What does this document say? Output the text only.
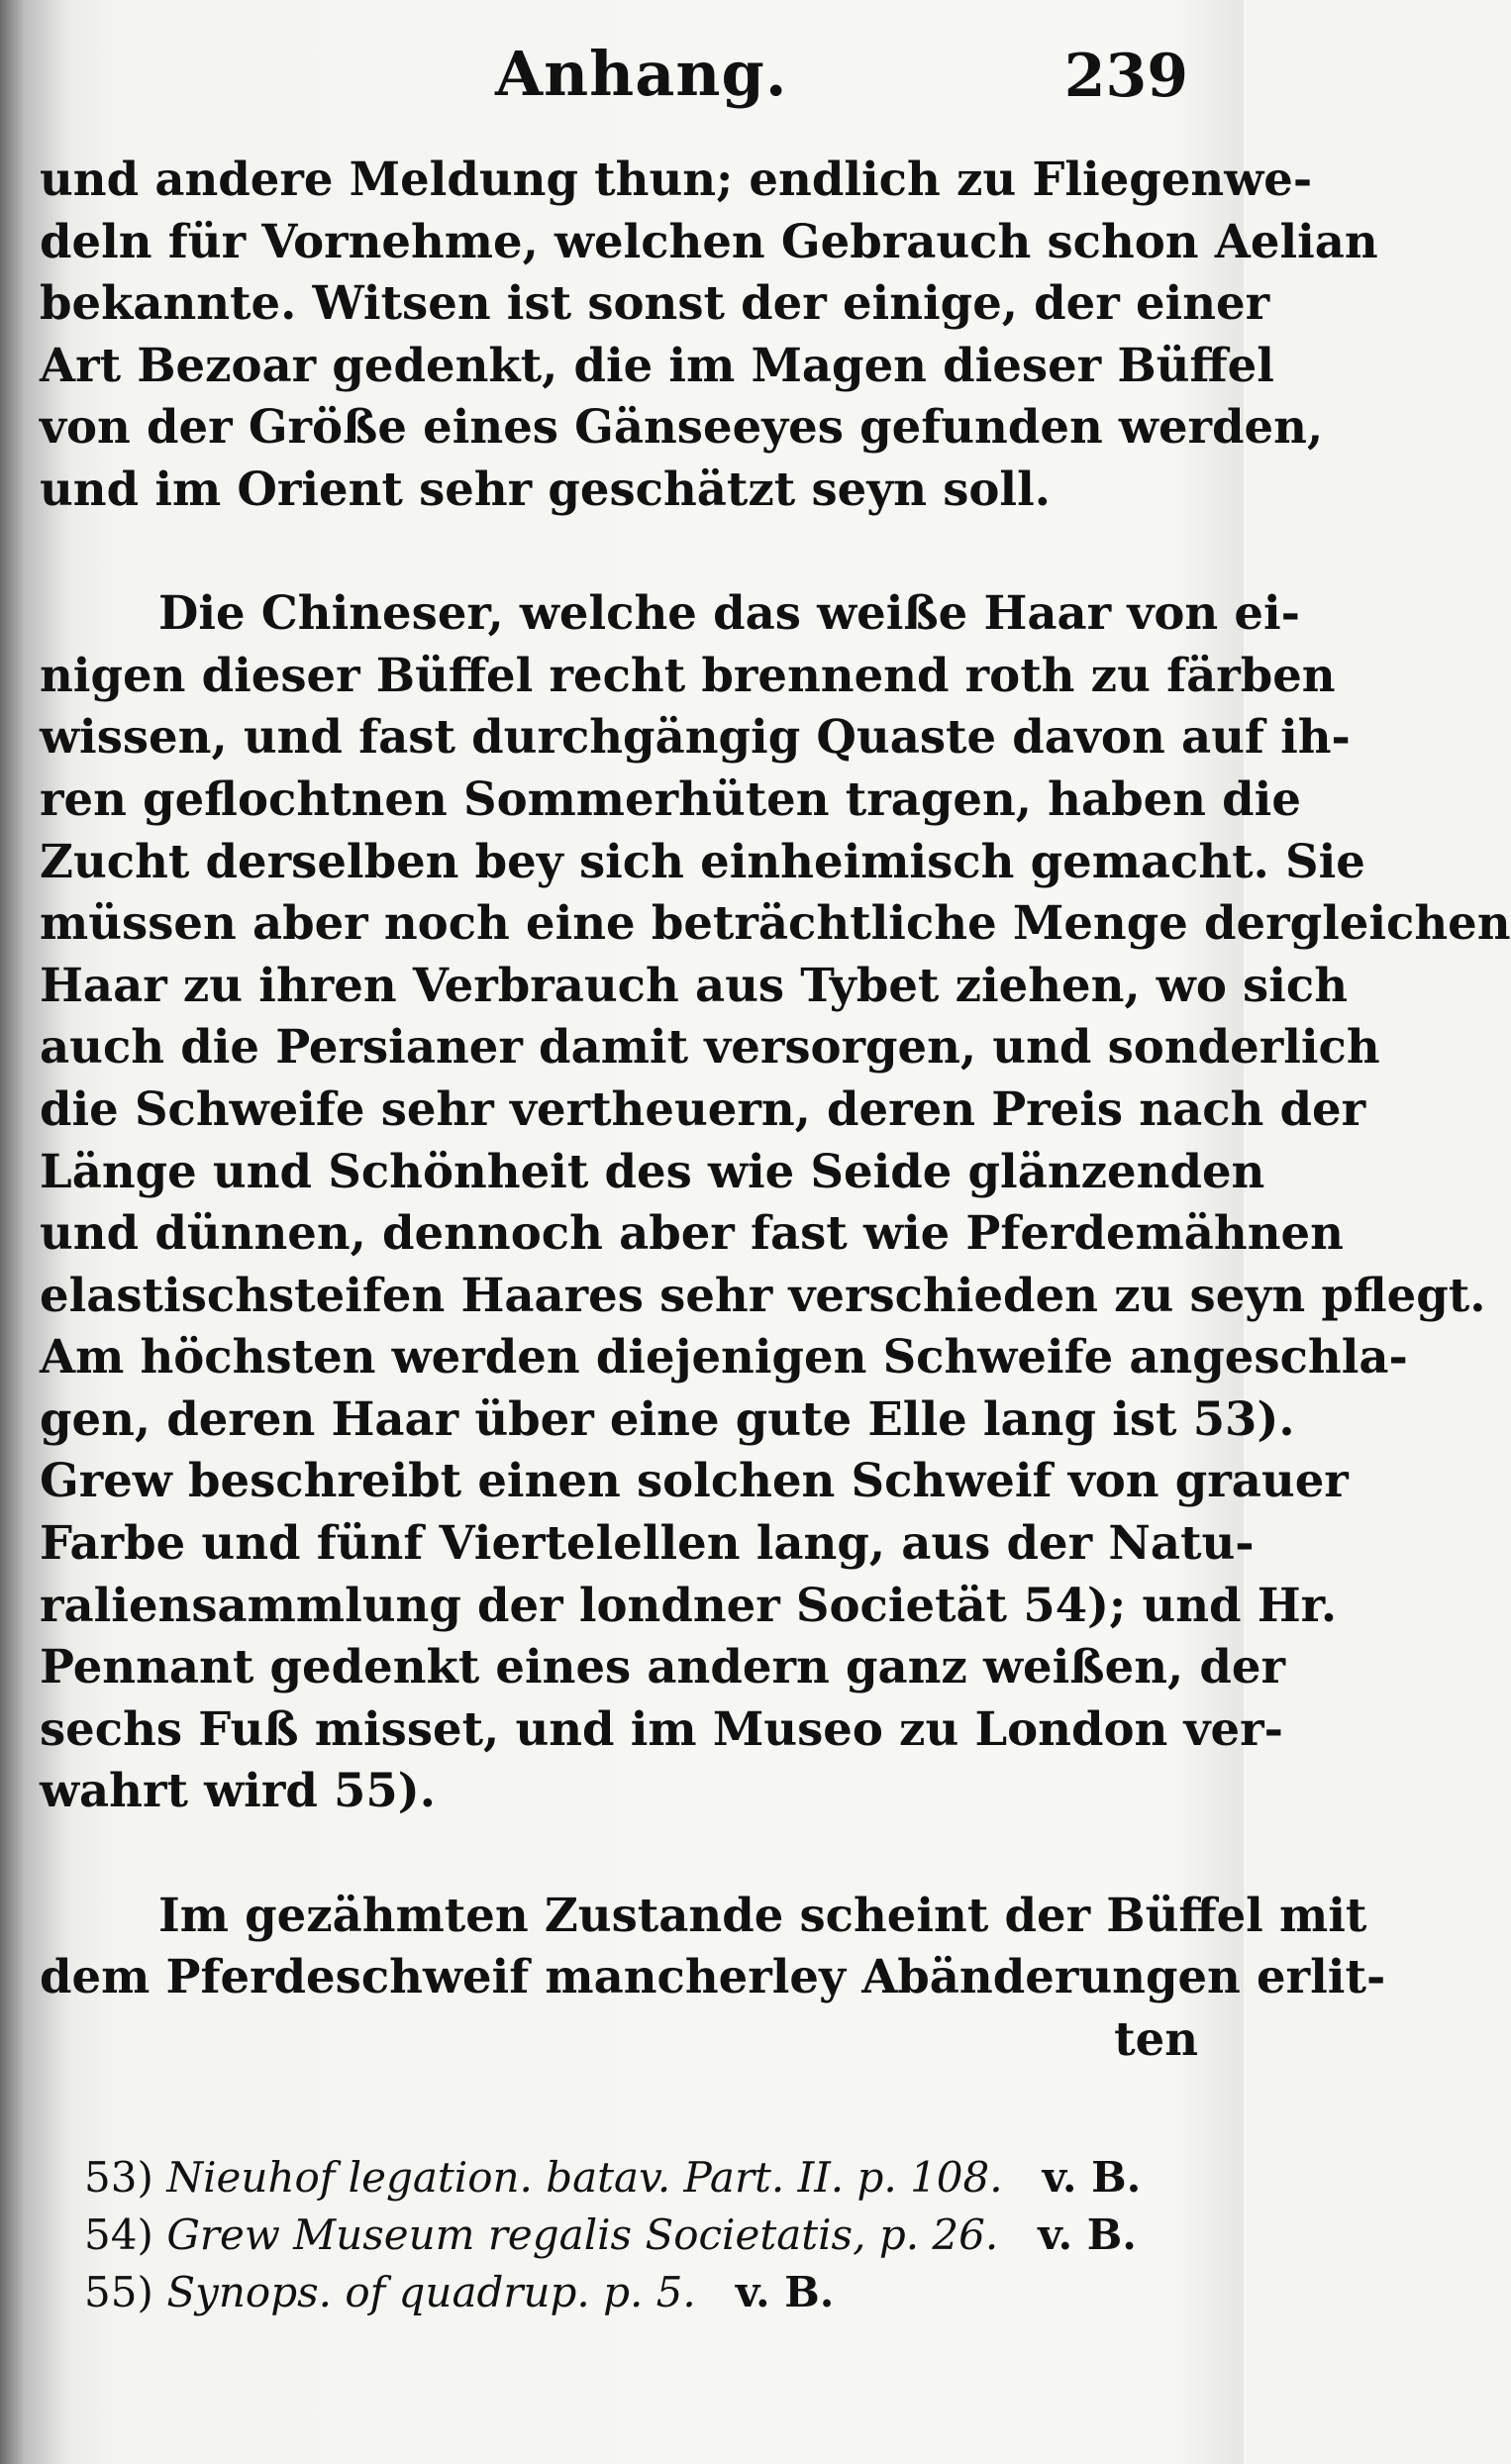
Anhang.	239
und andere Meldung thun; endlich zu Fliegenwe-
deln für Vornehme, welchen Gebrauch schon Aelian
bekannte. Witsen ist sonst der einige, der einer
Art Bezoar gedenkt, die im Magen dieser Büffel
von der Größe eines Gänseeyes gefunden werden,
und im Orient sehr geschätzt seyn soll.
Die Chineser, welche das weiße Haar von ei-
nigen dieser Büffel recht brennend roth zu färben
wissen, und fast durchgängig Quaste davon auf ih-
ren geflochtnen Sommerhüten tragen, haben die
Zucht derselben bey sich einheimisch gemacht. Sie
müssen aber noch eine beträchtliche Menge dergleichen
Haar zu ihren Verbrauch aus Tybet ziehen, wo sich
auch die Persianer damit versorgen, und sonderlich
die Schweife sehr vertheuern, deren Preis nach der
Länge und Schönheit des wie Seide glänzenden
und dünnen, dennoch aber fast wie Pferdemähnen
elastischsteifen Haares sehr verschieden zu seyn pflegt.
Am höchsten werden diejenigen Schweife angeschla-
gen, deren Haar über eine gute Elle lang ist 53).
Grew beschreibt einen solchen Schweif von grauer
Farbe und fünf Viertelellen lang, aus der Natu-
raliensammlung der londner Societät 54); und Hr.
Pennant gedenkt eines andern ganz weißen, der
sechs Fuß misset, und im Museo zu London ver-
wahrt wird 55).
Im gezähmten Zustande scheint der Büffel mit
dem Pferdeschweif mancherley Abänderungen erlit-
ten
53) Nieuhof legation. batav. Part. II. p. 108. v. B.
54) Grew Museum regalis Societatis, p. 26. v. B.
55) Synops. of quadrup. p. 5. v. B.
